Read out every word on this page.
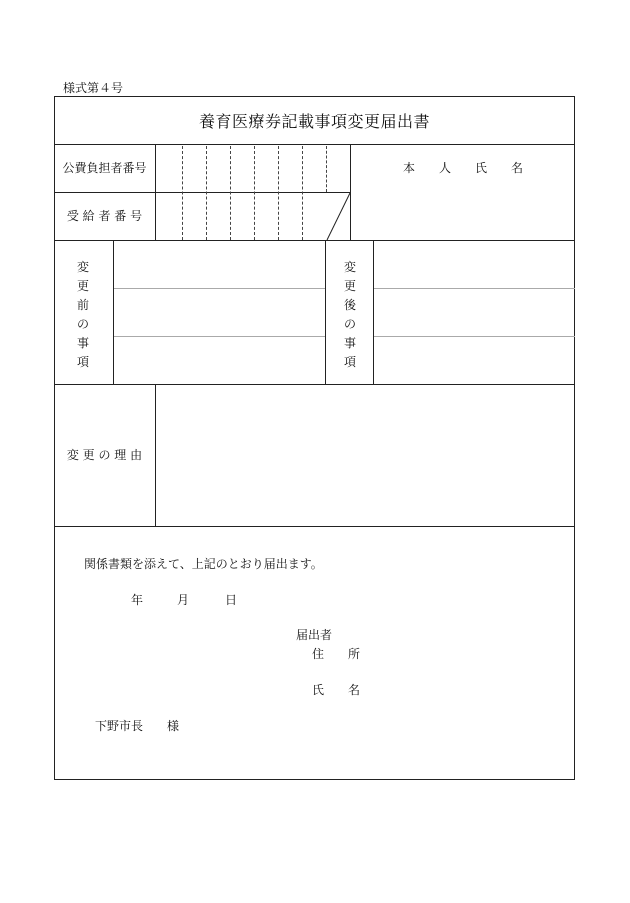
様式第４号
養育医療券記載事項変更届出書
公費負担者番号
受 給 者 番 号
本　　人　　氏　　名
変
更
前
の
事
項
変
更
後
の
事
項
変 更 の 理 由
関係書類を添えて、上記のとおり届出ます。
年	月	日
届出者
住　　所
氏　　名
下野市長　　様
